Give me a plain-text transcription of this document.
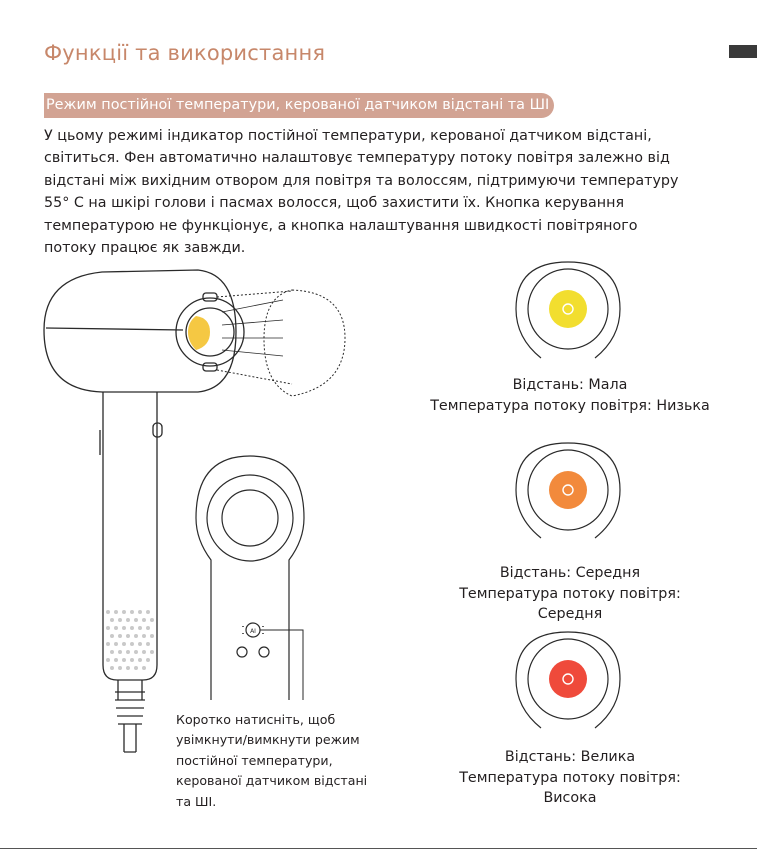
Функції та використання
Режим постійної температури, керованої датчиком відстані та ШІ

У цьому режимі індикатор постійної температури, керованої датчиком відстані, світиться. Фен автоматично налаштовує температуру потоку повітря залежно від відстані між вихідним отвором для повітря та волоссям, підтримуючи температуру 55° C на шкірі голови і пасмах волосся, щоб захистити їх. Кнопка керування температурою не функціонує, а кнопка налаштування швидкості повітряного потоку працює як завжди.

AI
Коротко натисніть, щоб
увімкнути/вимкнути режим
постійної температури,
керованої датчиком відстані
та ШІ.
Відстань: Мала
Температура потоку повітря: Низька
Відстань: Середня
Температура потоку повітря:
Середня
Відстань: Велика
Температура потоку повітря:
Висока
